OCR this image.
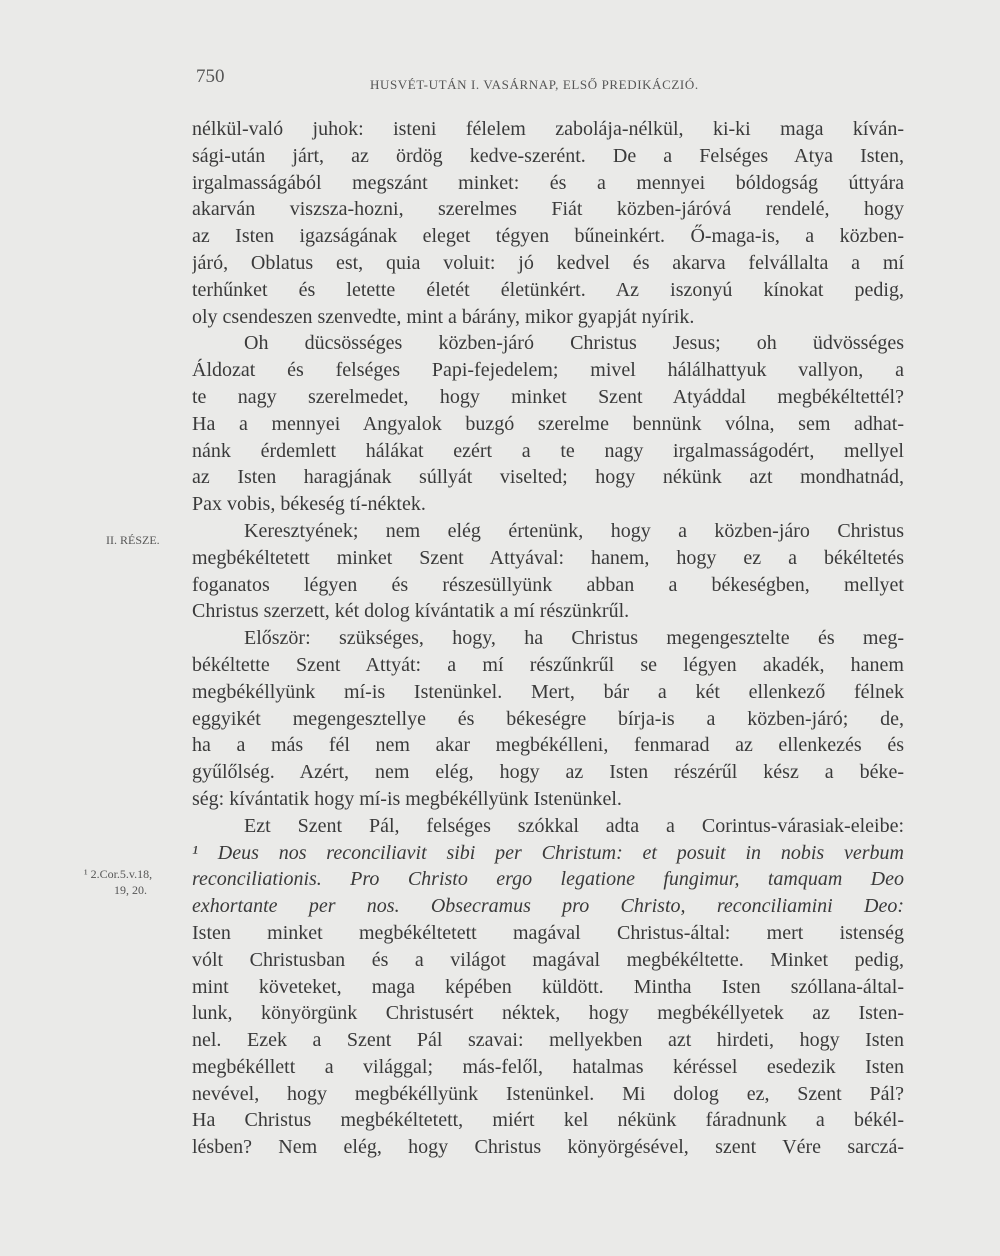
750	HUSVÉT-UTÁN I. VASÁRNAP, ELSŐ PREDIKÁCZIÓ.
II. RÉSZE.
¹ 2.Cor.5.v.18,
19, 20.
nélkül-való juhok: isteni félelem zabolája-nélkül, ki-ki maga kíván-
sági-után járt, az ördög kedve-szerént. De a Felséges Atya Isten,
irgalmasságából megszánt minket: és a mennyei bóldogság úttyára
akarván viszsza-hozni, szerelmes Fiát közben-járóvá rendelé, hogy
az Isten igazságának eleget tégyen bűneinkért. Ő-maga-is, a közben-
járó, Oblatus est, quia voluit: jó kedvel és akarva felvállalta a mí
terhűnket és letette életét életünkért. Az iszonyú kínokat pedig,
oly csendeszen szenvedte, mint a bárány, mikor gyapját nyírik.
Oh dücsösséges közben-járó Christus Jesus; oh üdvösséges
Áldozat és felséges Papi-fejedelem; mivel hálálhattyuk vallyon, a
te nagy szerelmedet, hogy minket Szent Atyáddal megbékéltettél?
Ha a mennyei Angyalok buzgó szerelme bennünk vólna, sem adhat-
nánk érdemlett hálákat ezért a te nagy irgalmasságodért, mellyel
az Isten haragjának súllyát viselted; hogy nékünk azt mondhatnád,
Pax vobis, békeség tí-néktek.
Keresztyének; nem elég értenünk, hogy a közben-járo Christus
megbékéltetett minket Szent Attyával: hanem, hogy ez a békéltetés
foganatos légyen és részesüllyünk abban a békeségben, mellyet
Christus szerzett, két dolog kívántatik a mí részünkrűl.
Először: szükséges, hogy, ha Christus megengesztelte és meg-
békéltette Szent Attyát: a mí részűnkrűl se légyen akadék, hanem
megbékéllyünk mí-is Istenünkel. Mert, bár a két ellenkező félnek
eggyikét megengesztellye és békeségre bírja-is a közben-járó; de,
ha a más fél nem akar megbékélleni, fenmarad az ellenkezés és
gyűlőlség. Azért, nem elég, hogy az Isten részérűl kész a béke-
ség: kívántatik hogy mí-is megbékéllyünk Istenünkel.
Ezt Szent Pál, felséges szókkal adta a Corintus-várasiak-eleibe:
¹ Deus nos reconciliavit sibi per Christum: et posuit in nobis verbum
reconciliationis. Pro Christo ergo legatione fungimur, tamquam Deo
exhortante per nos. Obsecramus pro Christo, reconciliamini Deo:
Isten minket megbékéltetett magával Christus-által: mert istenség
vólt Christusban és a világot magával megbékéltette. Minket pedig,
mint követeket, maga képében küldött. Mintha Isten szóllana-által-
lunk, könyörgünk Christusért néktek, hogy megbékéllyetek az Isten-
nel. Ezek a Szent Pál szavai: mellyekben azt hirdeti, hogy Isten
megbékéllett a világgal; más-felől, hatalmas kéréssel esedezik Isten
nevével, hogy megbékéllyünk Istenünkel. Mi dolog ez, Szent Pál?
Ha Christus megbékéltetett, miért kel nékünk fáradnunk a békél-
lésben? Nem elég, hogy Christus könyörgésével, szent Vére sarczá-
